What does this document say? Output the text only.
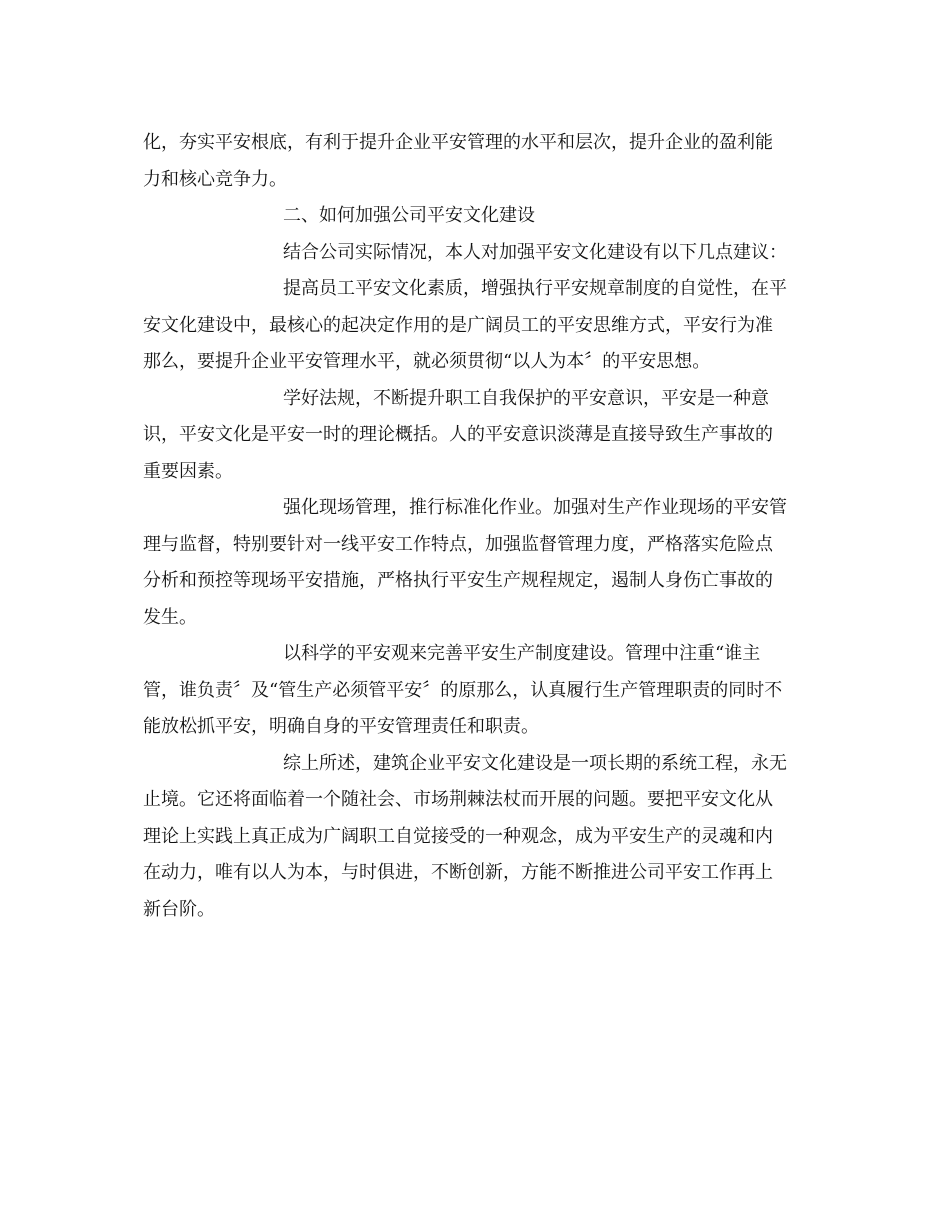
化，夯实平安根底，有利于提升企业平安管理的水平和层次，提升企业的盈利能
力和核心竞争力。
二、如何加强公司平安文化建设
结合公司实际情况，本人对加强平安文化建设有以下几点建议：
提高员工平安文化素质，增强执行平安规章制度的自觉性，在平
安文化建设中，最核心的起决定作用的是广阔员工的平安思维方式，平安行为准
那么，要提升企业平安管理水平，就必须贯彻“以人为本〞的平安思想。
学好法规，不断提升职工自我保护的平安意识，平安是一种意
识，平安文化是平安一时的理论概括。人的平安意识淡薄是直接导致生产事故的
重要因素。
强化现场管理，推行标准化作业。加强对生产作业现场的平安管
理与监督，特别要针对一线平安工作特点，加强监督管理力度，严格落实危险点
分析和预控等现场平安措施，严格执行平安生产规程规定，遏制人身伤亡事故的
发生。
以科学的平安观来完善平安生产制度建设。管理中注重“谁主
管，谁负责〞及“管生产必须管平安〞的原那么，认真履行生产管理职责的同时不
能放松抓平安，明确自身的平安管理责任和职责。
综上所述，建筑企业平安文化建设是一项长期的系统工程，永无
止境。它还将面临着一个随社会、市场荆棘法杖而开展的问题。要把平安文化从
理论上实践上真正成为广阔职工自觉接受的一种观念，成为平安生产的灵魂和内
在动力，唯有以人为本，与时俱进，不断创新，方能不断推进公司平安工作再上
新台阶。
